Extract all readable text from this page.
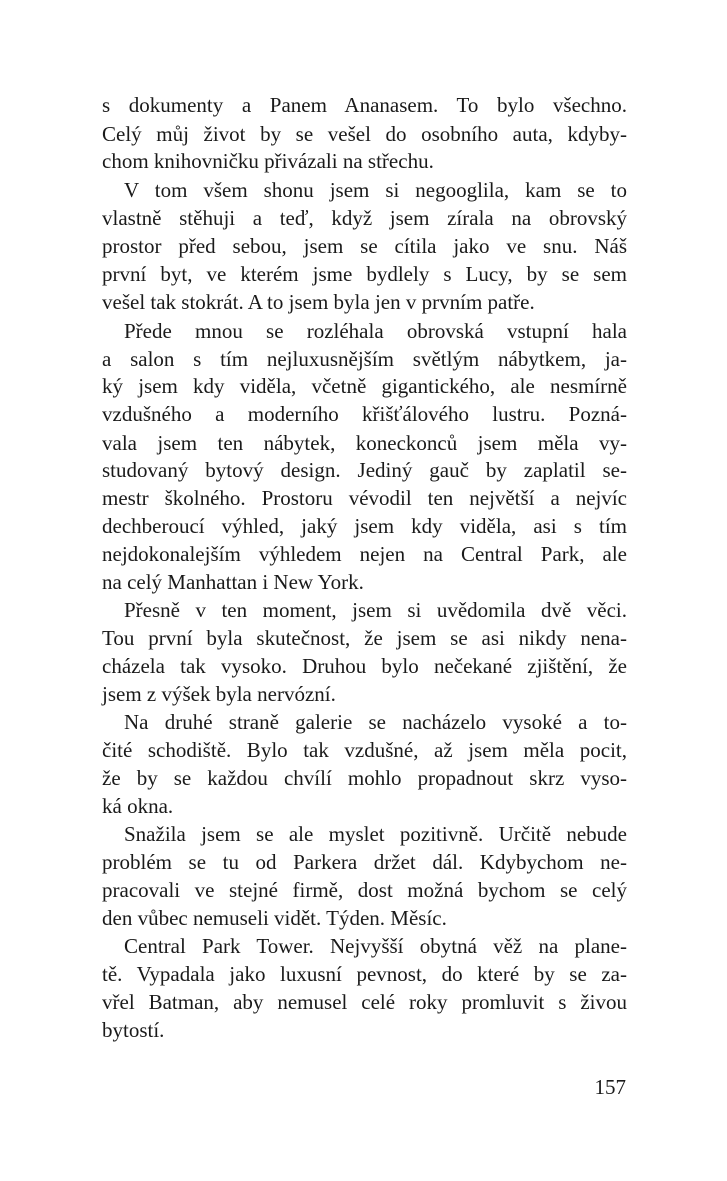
s dokumenty a Panem Ananasem. To bylo všechno.
Celý můj život by se vešel do osobního auta, kdyby-
chom knihovničku přivázali na střechu.
V tom všem shonu jsem si negooglila, kam se to
vlastně stěhuji a teď, když jsem zírala na obrovský
prostor před sebou, jsem se cítila jako ve snu. Náš
první byt, ve kterém jsme bydlely s Lucy, by se sem
vešel tak stokrát. A to jsem byla jen v prvním patře.
Přede mnou se rozléhala obrovská vstupní hala
a salon s tím nejluxusnějším světlým nábytkem, ja-
ký jsem kdy viděla, včetně gigantického, ale nesmírně
vzdušného a moderního křišťálového lustru. Pozná-
vala jsem ten nábytek, koneckonců jsem měla vy-
studovaný bytový design. Jediný gauč by zaplatil se-
mestr školného. Prostoru vévodil ten největší a nejvíc
dechberoucí výhled, jaký jsem kdy viděla, asi s tím
nejdokonalejším výhledem nejen na Central Park, ale
na celý Manhattan i New York.
Přesně v ten moment, jsem si uvědomila dvě věci.
Tou první byla skutečnost, že jsem se asi nikdy nena-
cházela tak vysoko. Druhou bylo nečekané zjištění, že
jsem z výšek byla nervózní.
Na druhé straně galerie se nacházelo vysoké a to-
čité schodiště. Bylo tak vzdušné, až jsem měla pocit,
že by se každou chvílí mohlo propadnout skrz vyso-
ká okna.
Snažila jsem se ale myslet pozitivně. Určitě nebude
problém se tu od Parkera držet dál. Kdybychom ne-
pracovali ve stejné firmě, dost možná bychom se celý
den vůbec nemuseli vidět. Týden. Měsíc.
Central Park Tower. Nejvyšší obytná věž na plane-
tě. Vypadala jako luxusní pevnost, do které by se za-
vřel Batman, aby nemusel celé roky promluvit s živou
bytostí.
157
